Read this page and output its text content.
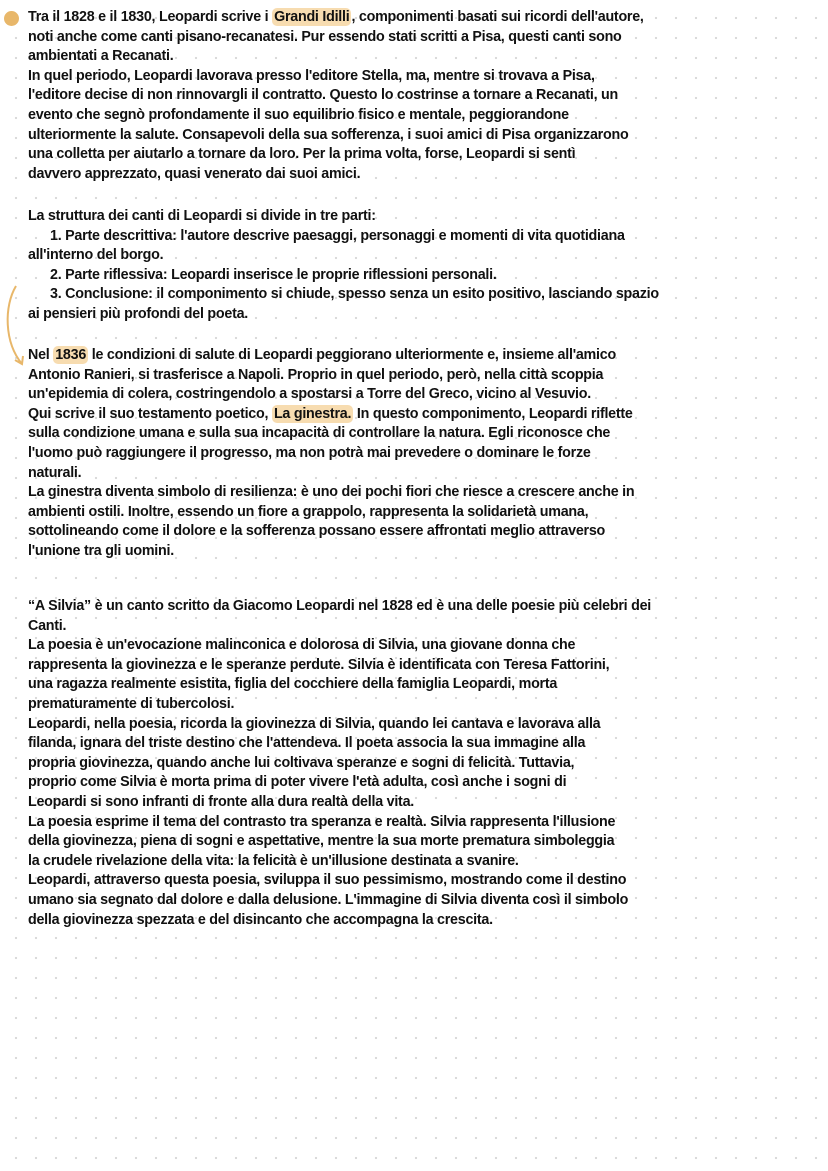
Tra il 1828 e il 1830, Leopardi scrive i Grandi Idilli , componimenti basati sui ricordi dell'autore,
noti anche come canti pisano-recanatesi. Pur essendo stati scritti a Pisa, questi canti sono
ambientati a Recanati.
In quel periodo, Leopardi lavorava presso l'editore Stella, ma, mentre si trovava a Pisa,
l'editore decise di non rinnovargli il contratto. Questo lo costrinse a tornare a Recanati, un
evento che segnò profondamente il suo equilibrio fisico e mentale, peggiorandone
ulteriormente la salute. Consapevoli della sua sofferenza, i suoi amici di Pisa organizzarono
una colletta per aiutarlo a tornare da loro. Per la prima volta, forse, Leopardi si sentì
davvero apprezzato, quasi venerato dai suoi amici.
La struttura dei canti di Leopardi si divide in tre parti:
1. Parte descrittiva: l'autore descrive paesaggi, personaggi e momenti di vita quotidiana
all'interno del borgo.
2. Parte riflessiva: Leopardi inserisce le proprie riflessioni personali.
3. Conclusione: il componimento si chiude, spesso senza un esito positivo, lasciando spazio
ai pensieri più profondi del poeta.
Nel 1836 le condizioni di salute di Leopardi peggiorano ulteriormente e, insieme all'amico
Antonio Ranieri, si trasferisce a Napoli. Proprio in quel periodo, però, nella città scoppia
un'epidemia di colera, costringendolo a spostarsi a Torre del Greco, vicino al Vesuvio.
Qui scrive il suo testamento poetico, La ginestra. In questo componimento, Leopardi riflette
sulla condizione umana e sulla sua incapacità di controllare la natura. Egli riconosce che
l'uomo può raggiungere il progresso, ma non potrà mai prevedere o dominare le forze
naturali.
La ginestra diventa simbolo di resilienza: è uno dei pochi fiori che riesce a crescere anche in
ambienti ostili. Inoltre, essendo un fiore a grappolo, rappresenta la solidarietà umana,
sottolineando come il dolore e la sofferenza possano essere affrontati meglio attraverso
l'unione tra gli uomini.
“A Silvia” è un canto scritto da Giacomo Leopardi nel 1828 ed è una delle poesie più celebri dei
Canti.
La poesia è un'evocazione malinconica e dolorosa di Silvia, una giovane donna che
rappresenta la giovinezza e le speranze perdute. Silvia è identificata con Teresa Fattorini,
una ragazza realmente esistita, figlia del cocchiere della famiglia Leopardi, morta
prematuramente di tubercolosi.
Leopardi, nella poesia, ricorda la giovinezza di Silvia, quando lei cantava e lavorava alla
filanda, ignara del triste destino che l'attendeva. Il poeta associa la sua immagine alla
propria giovinezza, quando anche lui coltivava speranze e sogni di felicità. Tuttavia,
proprio come Silvia è morta prima di poter vivere l'età adulta, così anche i sogni di
Leopardi si sono infranti di fronte alla dura realtà della vita.
La poesia esprime il tema del contrasto tra speranza e realtà. Silvia rappresenta l'illusione
della giovinezza, piena di sogni e aspettative, mentre la sua morte prematura simboleggia
la crudele rivelazione della vita: la felicità è un'illusione destinata a svanire.
Leopardi, attraverso questa poesia, sviluppa il suo pessimismo, mostrando come il destino
umano sia segnato dal dolore e dalla delusione. L'immagine di Silvia diventa così il simbolo
della giovinezza spezzata e del disincanto che accompagna la crescita.
